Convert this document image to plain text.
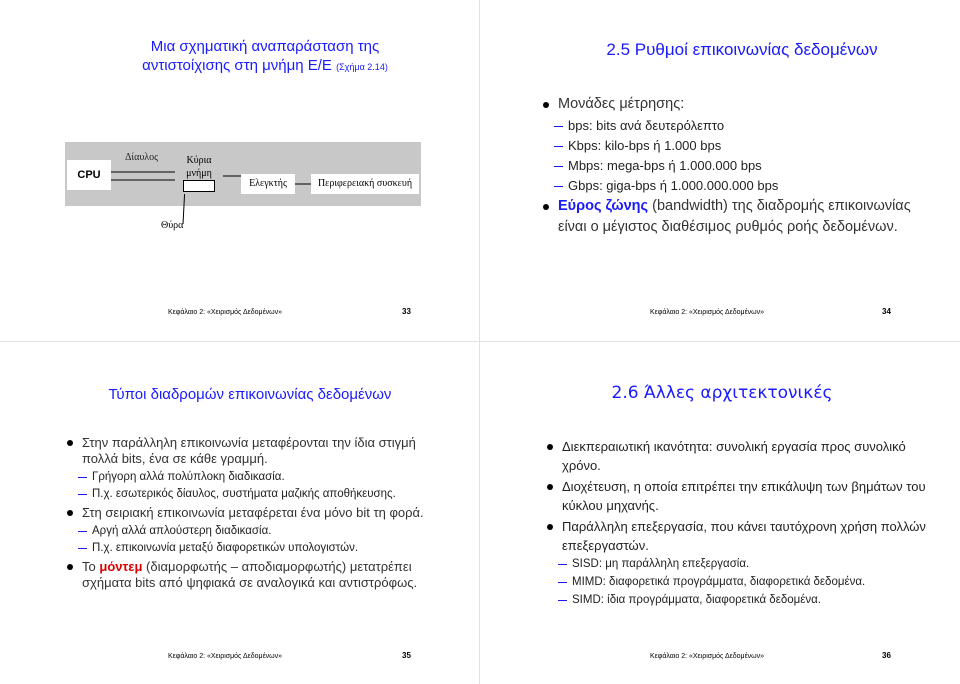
Μια σχηματική αναπαράσταση της
αντιστοίχισης στη μνήμη Ε/Ε (Σχήμα 2.14)
CPU
Δίαυλος	Κύρια
μνήμη
Ελεγκτής	Περιφερειακή συσκευή
Θύρα
Κεφάλαιο 2: «Χειρισμός Δεδομένων»	33
2.5 Ρυθμοί επικοινωνίας δεδομένων
Μονάδες μέτρησης:
bps: bits ανά δευτερόλεπτο
Kbps: kilo-bps ή 1.000 bps
Mbps: mega-bps ή 1.000.000 bps
Gbps: giga-bps ή 1.000.000.000 bps
Εύρος ζώνης (bandwidth) της διαδρομής επικοινωνίας είναι ο μέγιστος διαθέσιμος ρυθμός ροής δεδομένων.
Κεφάλαιο 2: «Χειρισμός Δεδομένων»	34
Τύποι διαδρομών επικοινωνίας δεδομένων
Στην παράλληλη επικοινωνία μεταφέρονται την ίδια στιγμή πολλά bits, ένα σε κάθε γραμμή.
Γρήγορη αλλά πολύπλοκη διαδικασία.
Π.χ. εσωτερικός δίαυλος, συστήματα μαζικής αποθήκευσης.
Στη σειριακή επικοινωνία μεταφέρεται ένα μόνο bit τη φορά.
Αργή αλλά απλούστερη διαδικασία.
Π.χ. επικοινωνία μεταξύ διαφορετικών υπολογιστών.
Το μόντεμ (διαμορφωτής – αποδιαμορφωτής) μετατρέπει σχήματα bits από ψηφιακά σε αναλογικά και αντιστρόφως.
Κεφάλαιο 2: «Χειρισμός Δεδομένων»	35
2.6 Άλλες αρχιτεκτονικές
Διεκπεραιωτική ικανότητα: συνολική εργασία προς συνολικό χρόνο.
Διοχέτευση, η οποία επιτρέπει την επικάλυψη των βημάτων του κύκλου μηχανής.
Παράλληλη επεξεργασία, που κάνει ταυτόχρονη χρήση πολλών επεξεργαστών.
SISD: μη παράλληλη επεξεργασία.
MIMD: διαφορετικά προγράμματα, διαφορετικά δεδομένα.
SIMD: ίδια προγράμματα, διαφορετικά δεδομένα.
Κεφάλαιο 2: «Χειρισμός Δεδομένων»	36
